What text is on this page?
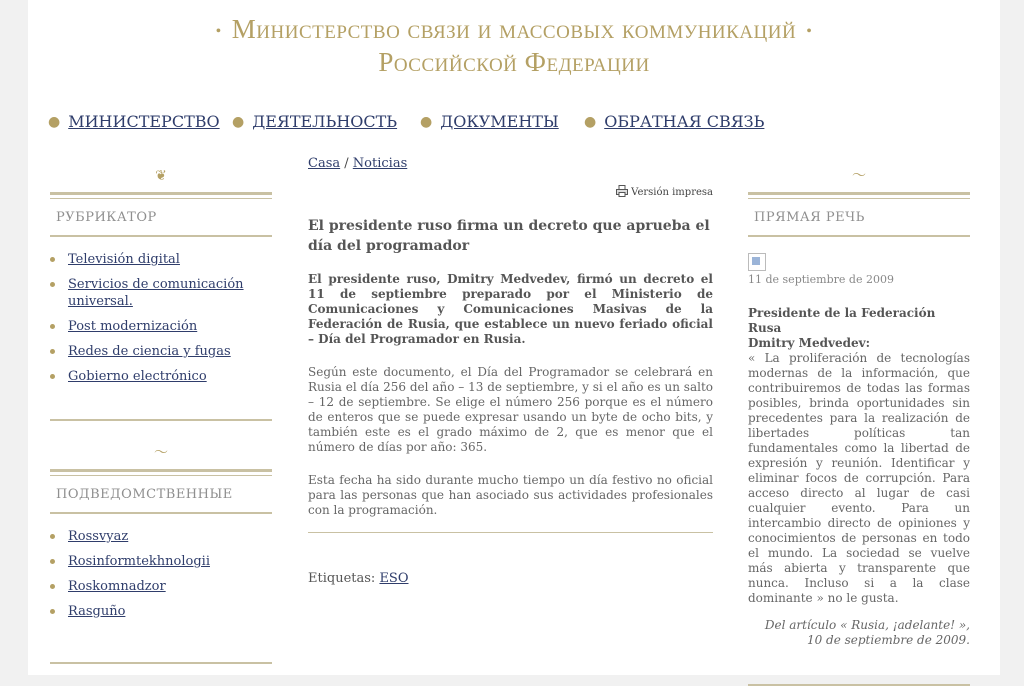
• Министерство связи и массовых коммуникаций •
Российской Федерации
● МИНИСТЕРСТВО ● ДЕЯТЕЛЬНОСТЬ ● ДОКУМЕНТЫ ● ОБРАТНАЯ СВЯЗЬ
❦
РУБРИКАТОР
Televisión digital
Servicios de comunicación universal.
Post modernización
Redes de ciencia y fugas
Gobierno electrónico
〜
ПОДВЕДОМСТВЕННЫЕ
Rossvyaz
Rosinformtekhnologii
Roskomnadzor
Rasguño
Casa / Noticias
Versión impresa
El presidente ruso firma un decreto que aprueba el día del programador
El presidente ruso, Dmitry Medvedev, firmó un decreto el 11 de septiembre preparado por el Ministerio de Comunicaciones y Comunicaciones Masivas de la Federación de Rusia, que establece un nuevo feriado oficial – Día del Programador en Rusia.
Según este documento, el Día del Programador se celebrará en Rusia el día 256 del año – 13 de septiembre, y si el año es un salto – 12 de septiembre. Se elige el número 256 porque es el número de enteros que se puede expresar usando un byte de ocho bits, y también este es el grado máximo de 2, que es menor que el número de días por año: 365.
Esta fecha ha sido durante mucho tiempo un día festivo no oficial para las personas que han asociado sus actividades profesionales con la programación.
Etiquetas: ESO
〜
ПРЯМАЯ РЕЧЬ
11 de septiembre de 2009
Presidente de la Federación Rusa
Dmitry Medvedev:
« La proliferación de tecnologías modernas de la información, que contribuiremos de todas las formas posibles, brinda oportunidades sin precedentes para la realización de libertades políticas tan fundamentales como la libertad de expresión y reunión. Identificar y eliminar focos de corrupción. Para acceso directo al lugar de casi cualquier evento. Para un intercambio directo de opiniones y conocimientos de personas en todo el mundo. La sociedad se vuelve más abierta y transparente que nunca. Incluso si a la clase dominante » no le gusta.
Del artículo « Rusia, ¡adelante! », 10 de septiembre de 2009.
